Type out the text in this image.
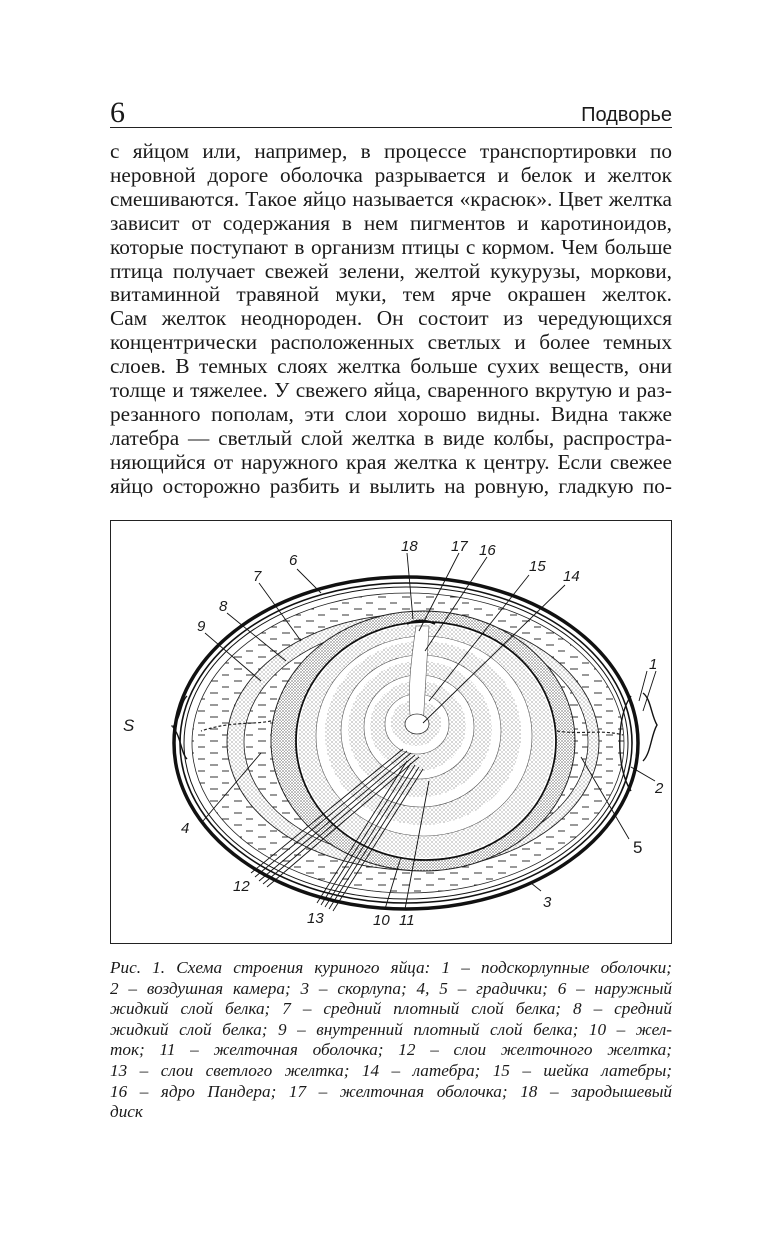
6	Подворье

с яйцом или, например, в процессе транспортировки по
неровной дороге оболочка разрывается и белок и желток
смешиваются. Такое яйцо называется «красюк». Цвет желтка
зависит от содержания в нем пигментов и каротиноидов,
которые поступают в организм птицы с кормом. Чем больше
птица получает свежей зелени, желтой кукурузы, моркови,
витаминной травяной муки, тем ярче окрашен желток.
Сам желток неоднороден. Он состоит из чередующихся
концентрически расположенных светлых и более темных
слоев. В темных слоях желтка больше сухих веществ, они
толще и тяжелее. У свежего яйца, сваренного вкрутую и раз-
резанного пополам, эти слои хорошо видны. Видна также
латебра — светлый слой желтка в виде колбы, распростра-
няющийся от наружного края желтка к центру. Если свежее
яйцо осторожно разбить и вылить на ровную, гладкую по-

18 17 16
15
14
6
7
8
9
S
1
2
4
5
12
3
13	10 11

Рис. 1. Схема строения куриного яйца: 1 – подскорлупные оболочки;
2 – воздушная камера; 3 – скорлупа; 4, 5 – градички; 6 – наружный
жидкий слой белка; 7 – средний плотный слой белка; 8 – средний
жидкий слой белка; 9 – внутренний плотный слой белка; 10 – жел-
ток; 11 – желточная оболочка; 12 – слои желточного желтка;
13 – слои светлого желтка; 14 – латебра; 15 – шейка латебры;
16 – ядро Пандера; 17 – желточная оболочка; 18 – зародышевый
диск
